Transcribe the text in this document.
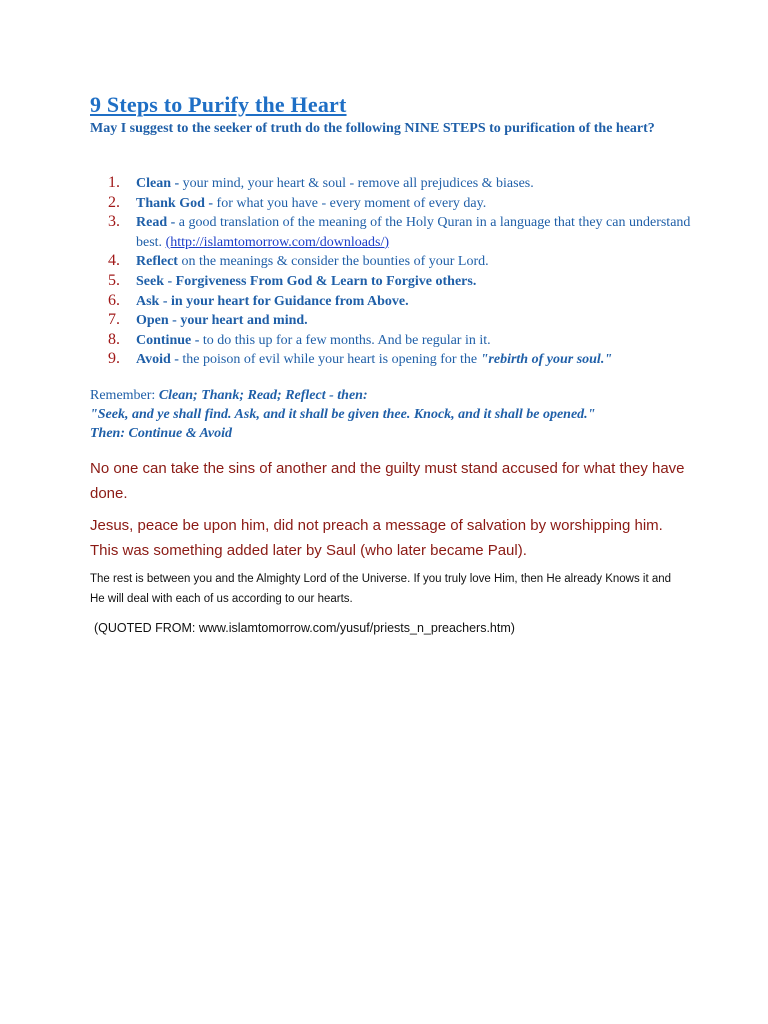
9 Steps to Purify the Heart
May I suggest to the seeker of truth do the following NINE STEPS to purification of the heart?
1.	Clean - your mind, your heart & soul - remove all prejudices & biases.
2.	Thank God - for what you have - every moment of every day.
3.	Read - a good translation of the meaning of the Holy Quran in a language that they can understand best. (http://islamtomorrow.com/downloads/)
4.	Reflect on the meanings & consider the bounties of your Lord.
5.	Seek - Forgiveness From God & Learn to Forgive others.
6.	Ask - in your heart for Guidance from Above.
7.	Open - your heart and mind.
8.	Continue - to do this up for a few months. And be regular in it.
9.	Avoid - the poison of evil while your heart is opening for the "rebirth of your soul."
Remember: Clean; Thank; Read; Reflect - then:
"Seek, and ye shall find. Ask, and it shall be given thee. Knock, and it shall be opened."
Then: Continue & Avoid
No one can take the sins of another and the guilty must stand accused for what they have done.
Jesus, peace be upon him, did not preach a message of salvation by worshipping him. This was something added later by Saul (who later became Paul).
The rest is between you and the Almighty Lord of the Universe. If you truly love Him, then He already Knows it and He will deal with each of us according to our hearts.
(QUOTED FROM: www.islamtomorrow.com/yusuf/priests_n_preachers.htm)
